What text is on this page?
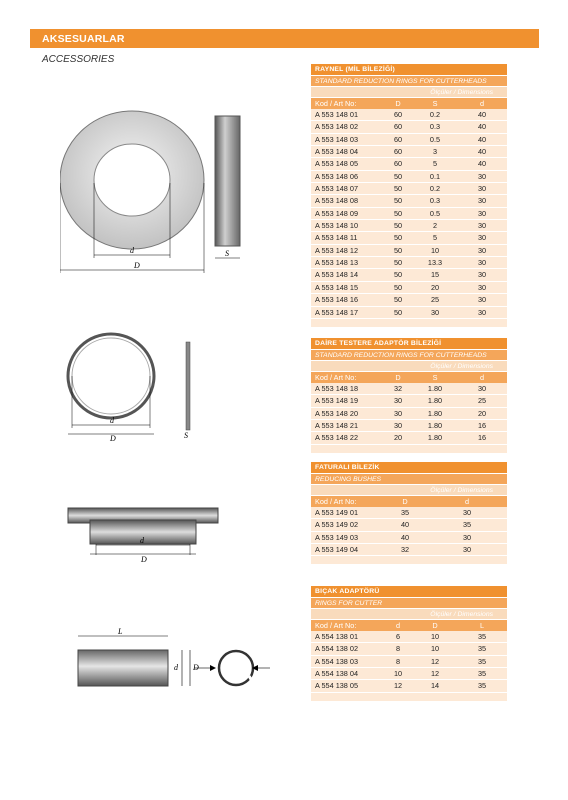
AKSESUARLAR
ACCESSORIES
d
D
S
d
D	S
d
D
L
d D
RAYNEL (MİL BİLEZİĞİ)
STANDARD REDUCTION RINGS FOR CUTTERHEADS
Ölçüler / Dimensions
Kod / Art No:	D	S	d
A 553 148 01	60	0.2	40
A 553 148 02	60	0.3	40
A 553 148 03	60	0.5	40
A 553 148 04	60	3	40
A 553 148 05	60	5	40
A 553 148 06	50	0.1	30
A 553 148 07	50	0.2	30
A 553 148 08	50	0.3	30
A 553 148 09	50	0.5	30
A 553 148 10	50	2	30
A 553 148 11	50	5	30
A 553 148 12	50	10	30
A 553 148 13	50	13.3	30
A 553 148 14	50	15	30
A 553 148 15	50	20	30
A 553 148 16	50	25	30
A 553 148 17	50	30	30
DAİRE TESTERE ADAPTÖR BİLEZİĞİ
STANDARD REDUCTION RINGS FOR CUTTERHEADS
Ölçüler / Dimensions
Kod / Art No:	D	S	d
A 553 148 18	32	1.80	30
A 553 148 19	30	1.80	25
A 553 148 20	30	1.80	20
A 553 148 21	30	1.80	16
A 553 148 22	20	1.80	16
FATURALI BİLEZİK
REDUCING BUSHES
Ölçüler / Dimensions
Kod / Art No:	D	d
A 553 149 01	35	30
A 553 149 02	40	35
A 553 149 03	40	30
A 553 149 04	32	30
BIÇAK ADAPTÖRÜ
RINGS FOR CUTTER
Ölçüler / Dimensions
Kod / Art No:	d	D	L
A 554 138 01	6	10	35
A 554 138 02	8	10	35
A 554 138 03	8	12	35
A 554 138 04	10	12	35
A 554 138 05	12	14	35
